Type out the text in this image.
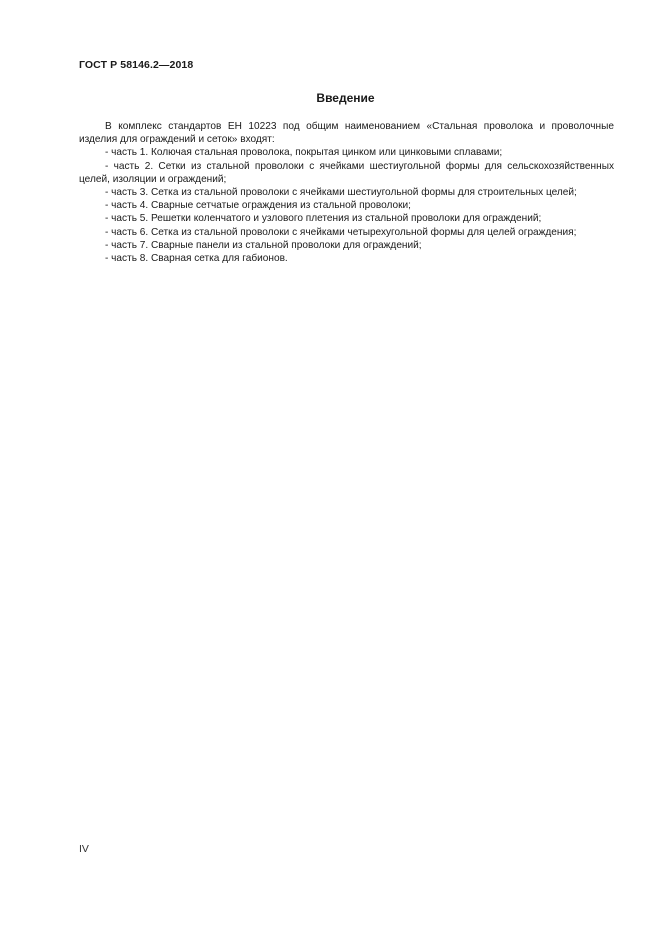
ГОСТ Р 58146.2—2018
Введение

В комплекс стандартов ЕН 10223 под общим наименованием «Стальная проволока и проволочные изделия для ограждений и сеток» входят:

- часть 1. Колючая стальная проволока, покрытая цинком или цинковыми сплавами;

- часть 2. Сетки из стальной проволоки с ячейками шестиугольной формы для сельскохозяйственных целей, изоляции и ограждений;

- часть 3. Сетка из стальной проволоки с ячейками шестиугольной формы для строительных целей;

- часть 4. Сварные сетчатые ограждения из стальной проволоки;

- часть 5. Решетки коленчатого и узлового плетения из стальной проволоки для ограждений;

- часть 6. Сетка из стальной проволоки с ячейками четырехугольной формы для целей ограждения;

- часть 7. Сварные панели из стальной проволоки для ограждений;

- часть 8. Сварная сетка для габионов.

IV
